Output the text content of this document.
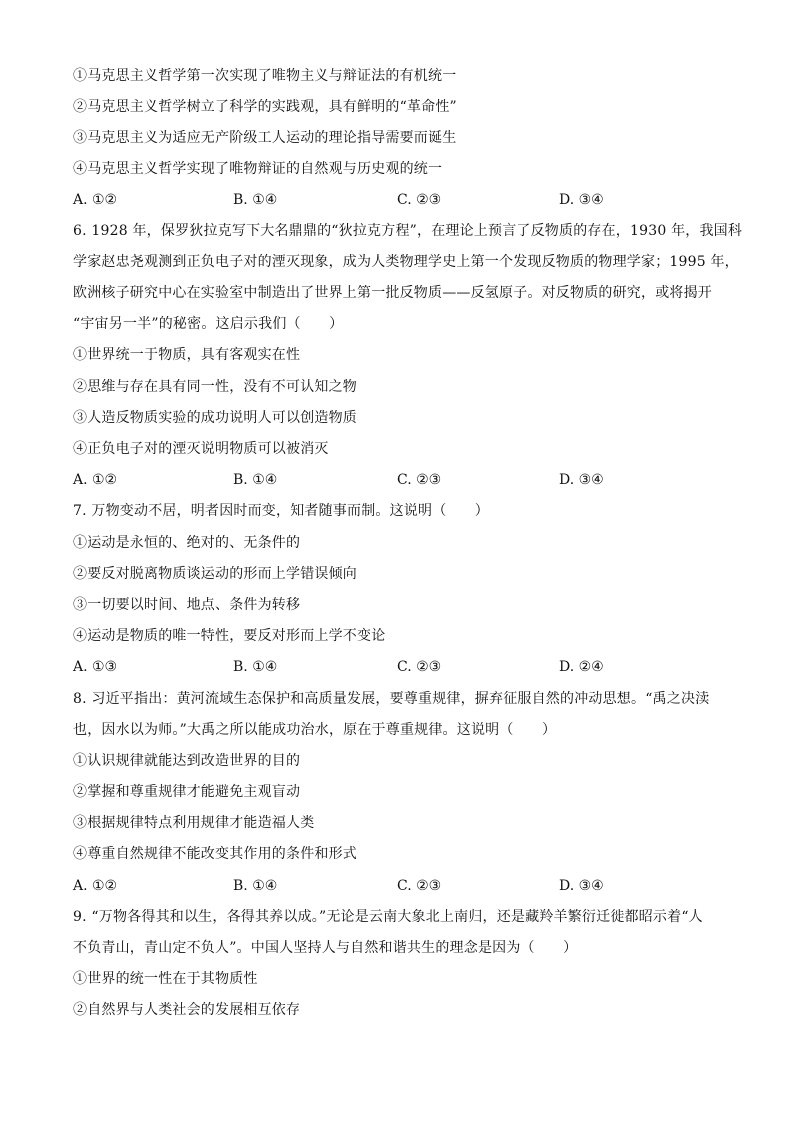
①马克思主义哲学第一次实现了唯物主义与辩证法的有机统一
②马克思主义哲学树立了科学的实践观，具有鲜明的“革命性”
③马克思主义为适应无产阶级工人运动的理论指导需要而诞生
④马克思主义哲学实现了唯物辩证的自然观与历史观的统一
A. ①②	B. ①④	C. ②③	D. ③④
6. 1928 年，保罗狄拉克写下大名鼎鼎的“狄拉克方程”，在理论上预言了反物质的存在，1930 年，我国科
学家赵忠尧观测到正负电子对的湮灭现象，成为人类物理学史上第一个发现反物质的物理学家；1995 年，
欧洲核子研究中心在实验室中制造出了世界上第一批反物质——反氢原子。对反物质的研究，或将揭开
“宇宙另一半”的秘密。这启示我们（　　）
①世界统一于物质，具有客观实在性
②思维与存在具有同一性，没有不可认知之物
③人造反物质实验的成功说明人可以创造物质
④正负电子对的湮灭说明物质可以被消灭
A. ①②	B. ①④	C. ②③	D. ③④
7. 万物变动不居，明者因时而变，知者随事而制。这说明（　　）
①运动是永恒的、绝对的、无条件的
②要反对脱离物质谈运动的形而上学错误倾向
③一切要以时间、地点、条件为转移
④运动是物质的唯一特性，要反对形而上学不变论
A. ①③	B. ①④	C. ②③	D. ②④
8. 习近平指出：黄河流域生态保护和高质量发展，要尊重规律，摒弃征服自然的冲动思想。“禹之决渎
也，因水以为师。”大禹之所以能成功治水，原在于尊重规律。这说明（　　）
①认识规律就能达到改造世界的目的
②掌握和尊重规律才能避免主观盲动
③根据规律特点利用规律才能造福人类
④尊重自然规律不能改变其作用的条件和形式
A. ①②	B. ①④	C. ②③	D. ③④
9. “万物各得其和以生，各得其养以成。”无论是云南大象北上南归，还是藏羚羊繁衍迁徙都昭示着“人
不负青山，青山定不负人”。中国人坚持人与自然和谐共生的理念是因为（　　）
①世界的统一性在于其物质性
②自然界与人类社会的发展相互依存
